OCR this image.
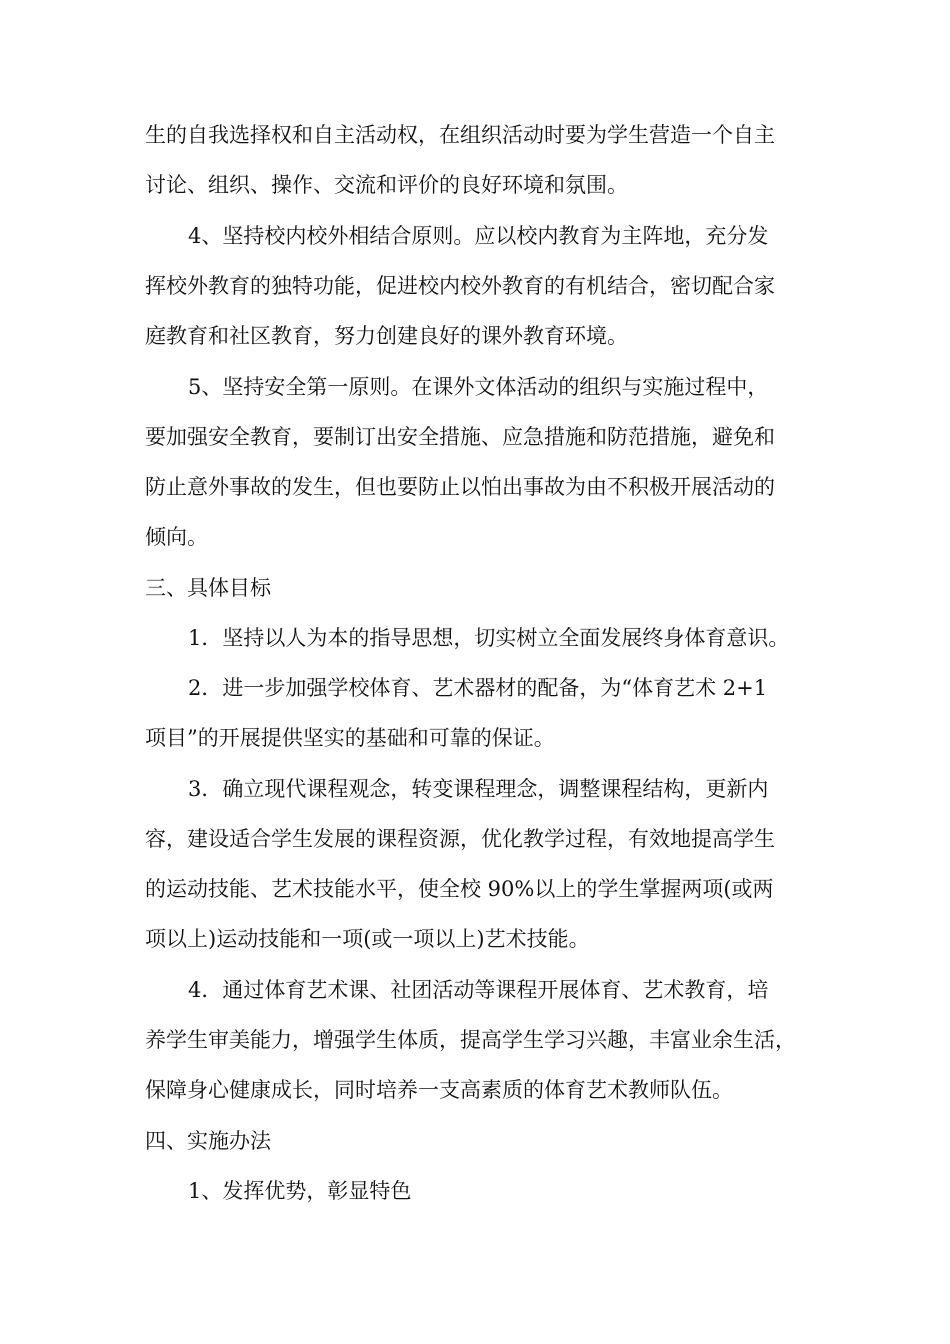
生的自我选择权和自主活动权，在组织活动时要为学生营造一个自主
讨论、组织、操作、交流和评价的良好环境和氛围。
4、坚持校内校外相结合原则。应以校内教育为主阵地，充分发
挥校外教育的独特功能，促进校内校外教育的有机结合，密切配合家
庭教育和社区教育，努力创建良好的课外教育环境。
5、坚持安全第一原则。在课外文体活动的组织与实施过程中，
要加强安全教育，要制订出安全措施、应急措施和防范措施，避免和
防止意外事故的发生，但也要防止以怕出事故为由不积极开展活动的
倾向。
三、具体目标
1．坚持以人为本的指导思想，切实树立全面发展终身体育意识。
2．进一步加强学校体育、艺术器材的配备，为“体育艺术 2+1
项目”的开展提供坚实的基础和可靠的保证。
3．确立现代课程观念，转变课程理念，调整课程结构，更新内
容，建设适合学生发展的课程资源，优化教学过程，有效地提高学生
的运动技能、艺术技能水平，使全校 90%以上的学生掌握两项(或两
项以上)运动技能和一项(或一项以上)艺术技能。
4．通过体育艺术课、社团活动等课程开展体育、艺术教育，培
养学生审美能力，增强学生体质，提高学生学习兴趣，丰富业余生活，
保障身心健康成长，同时培养一支高素质的体育艺术教师队伍。
四、实施办法
1、发挥优势，彰显特色
